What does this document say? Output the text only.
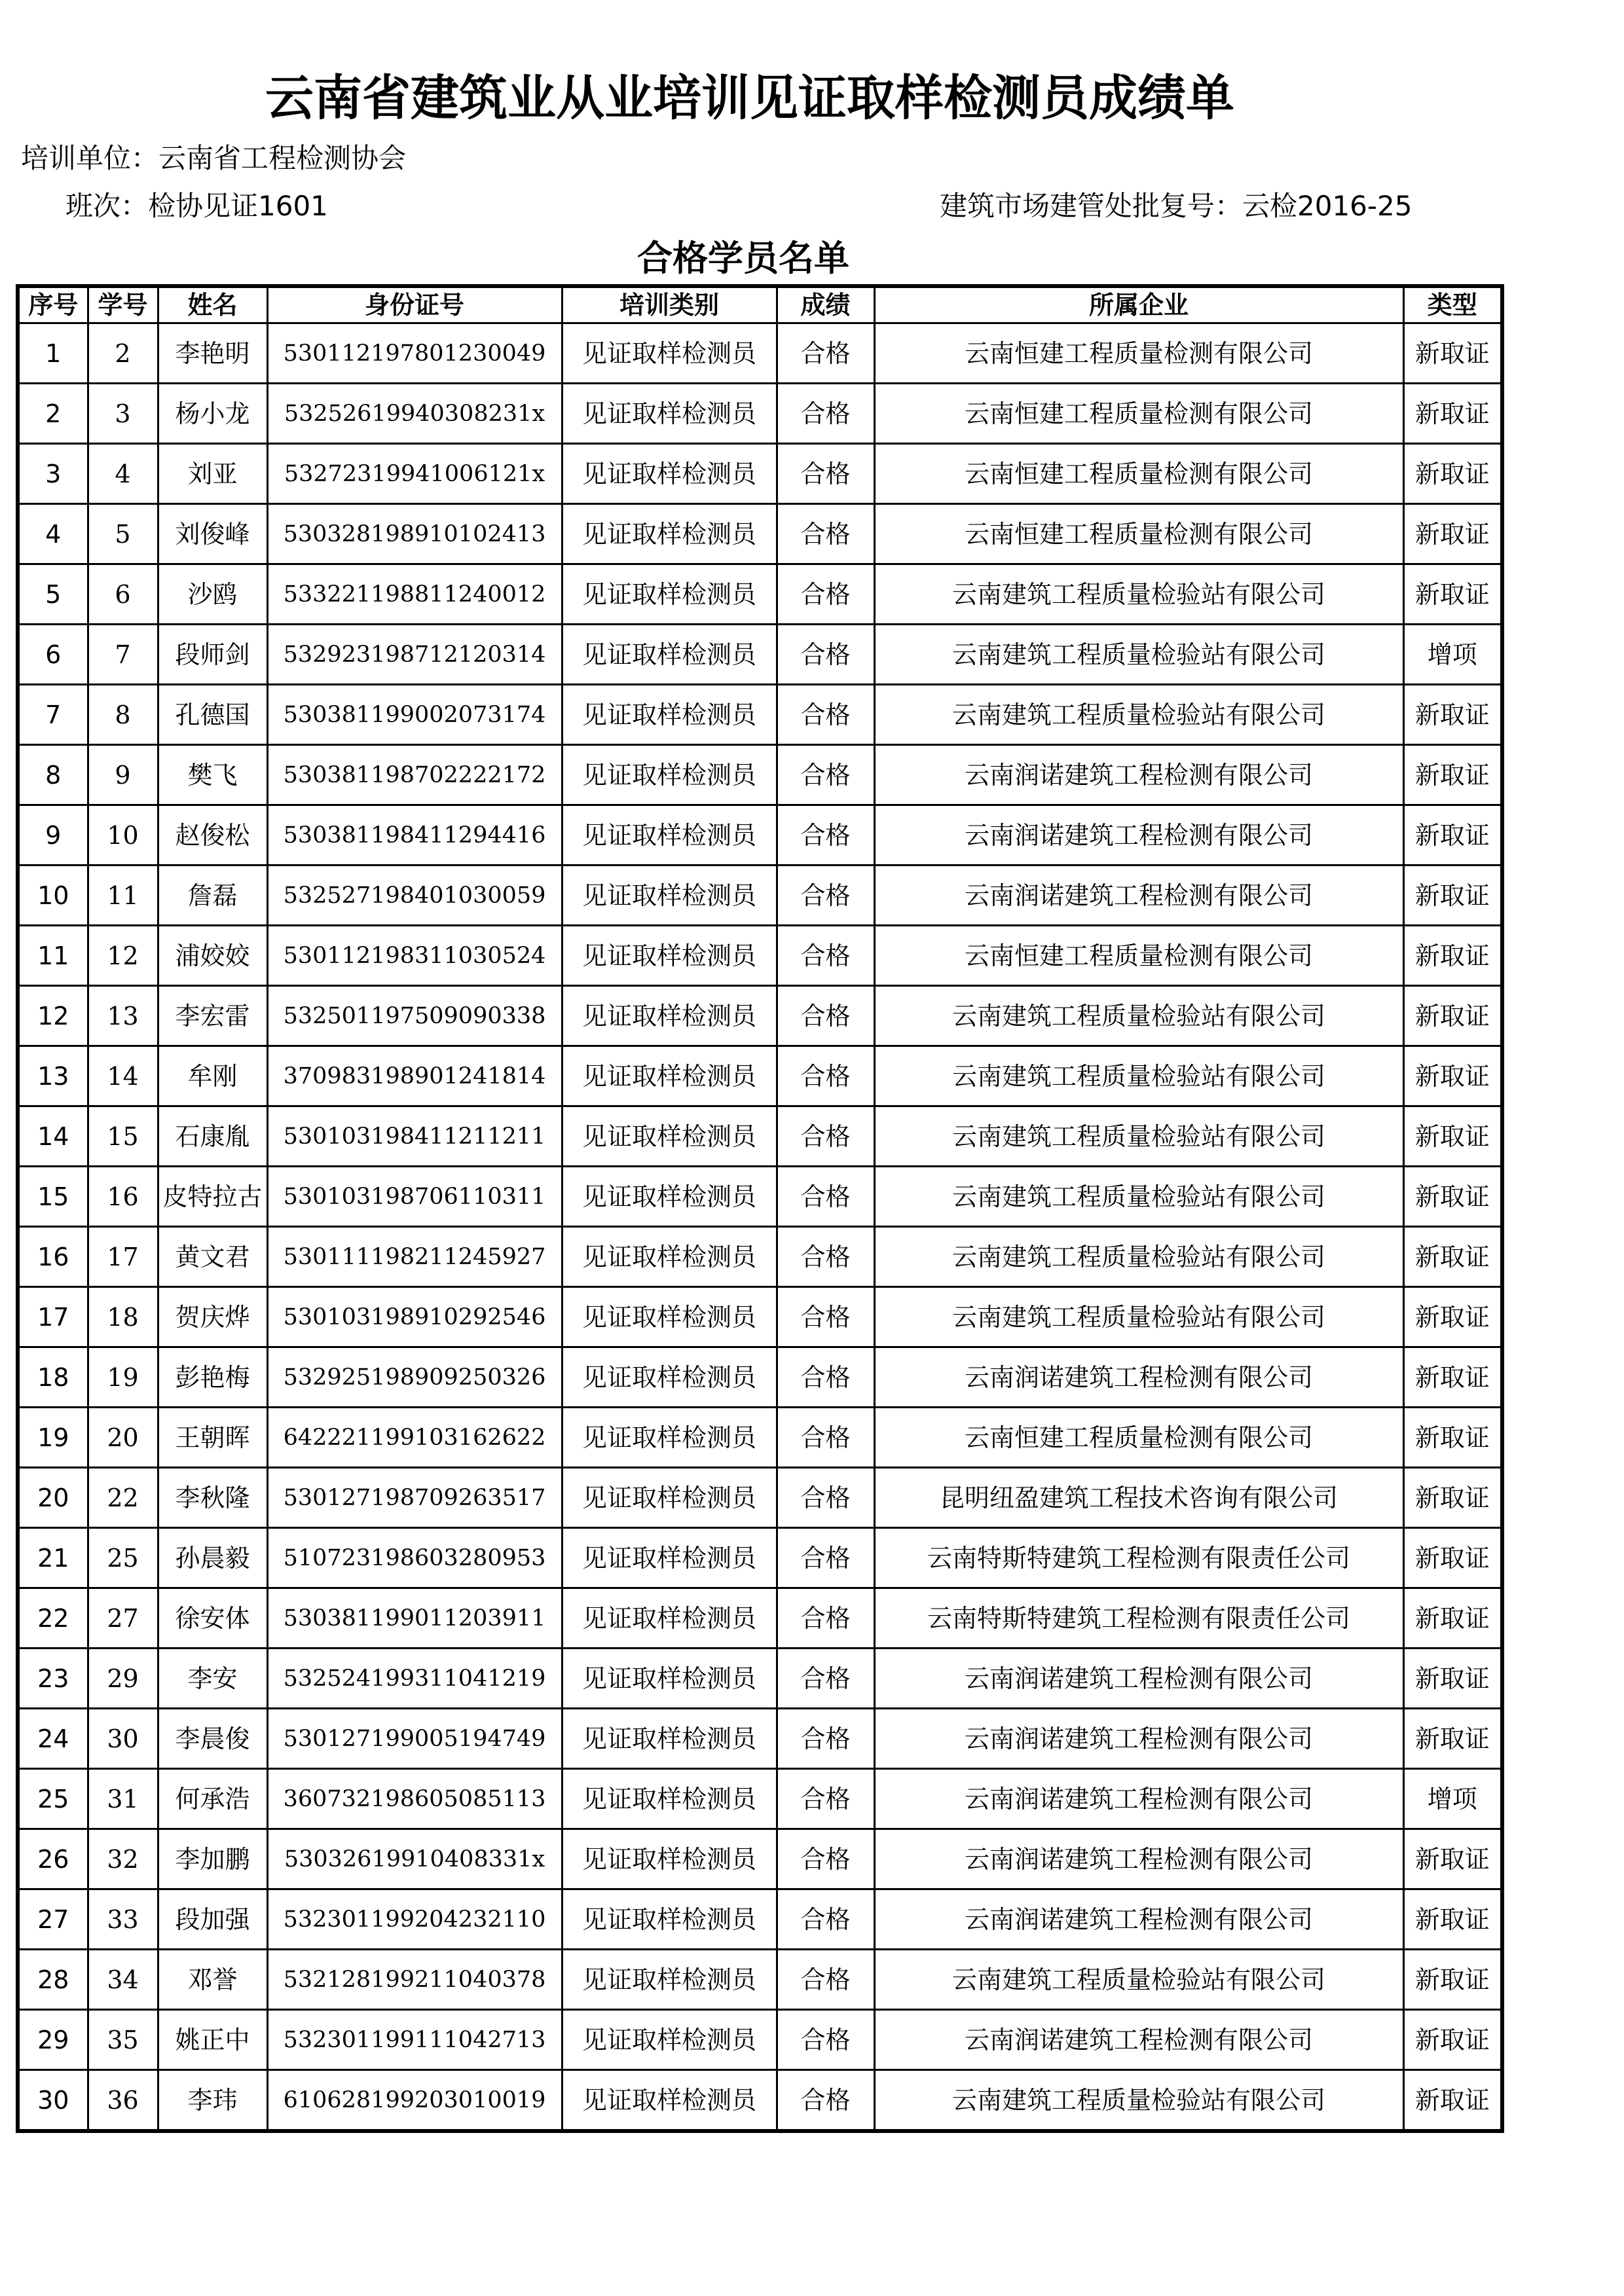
云南省建筑业从业培训见证取样检测员成绩单
培训单位：云南省工程检测协会
班次：检协见证1601	建筑市场建管处批复号：云检2016-25
合格学员名单
序号	学号	姓名	身份证号	培训类别	成绩	所属企业	类型
1	2	李艳明	530112197801230049	见证取样检测员	合格	云南恒建工程质量检测有限公司	新取证
2	3	杨小龙	53252619940308231x	见证取样检测员	合格	云南恒建工程质量检测有限公司	新取证
3	4	刘亚	53272319941006121x	见证取样检测员	合格	云南恒建工程质量检测有限公司	新取证
4	5	刘俊峰	530328198910102413	见证取样检测员	合格	云南恒建工程质量检测有限公司	新取证
5	6	沙鸥	533221198811240012	见证取样检测员	合格	云南建筑工程质量检验站有限公司	新取证
6	7	段师剑	532923198712120314	见证取样检测员	合格	云南建筑工程质量检验站有限公司	增项
7	8	孔德国	530381199002073174	见证取样检测员	合格	云南建筑工程质量检验站有限公司	新取证
8	9	樊飞	530381198702222172	见证取样检测员	合格	云南润诺建筑工程检测有限公司	新取证
9	10	赵俊松	530381198411294416	见证取样检测员	合格	云南润诺建筑工程检测有限公司	新取证
10	11	詹磊	532527198401030059	见证取样检测员	合格	云南润诺建筑工程检测有限公司	新取证
11	12	浦姣姣	530112198311030524	见证取样检测员	合格	云南恒建工程质量检测有限公司	新取证
12	13	李宏雷	532501197509090338	见证取样检测员	合格	云南建筑工程质量检验站有限公司	新取证
13	14	牟刚	370983198901241814	见证取样检测员	合格	云南建筑工程质量检验站有限公司	新取证
14	15	石康胤	530103198411211211	见证取样检测员	合格	云南建筑工程质量检验站有限公司	新取证
15	16	皮特拉古	530103198706110311	见证取样检测员	合格	云南建筑工程质量检验站有限公司	新取证
16	17	黄文君	530111198211245927	见证取样检测员	合格	云南建筑工程质量检验站有限公司	新取证
17	18	贺庆烨	530103198910292546	见证取样检测员	合格	云南建筑工程质量检验站有限公司	新取证
18	19	彭艳梅	532925198909250326	见证取样检测员	合格	云南润诺建筑工程检测有限公司	新取证
19	20	王朝晖	642221199103162622	见证取样检测员	合格	云南恒建工程质量检测有限公司	新取证
20	22	李秋隆	530127198709263517	见证取样检测员	合格	昆明纽盈建筑工程技术咨询有限公司	新取证
21	25	孙晨毅	510723198603280953	见证取样检测员	合格	云南特斯特建筑工程检测有限责任公司	新取证
22	27	徐安体	530381199011203911	见证取样检测员	合格	云南特斯特建筑工程检测有限责任公司	新取证
23	29	李安	532524199311041219	见证取样检测员	合格	云南润诺建筑工程检测有限公司	新取证
24	30	李晨俊	530127199005194749	见证取样检测员	合格	云南润诺建筑工程检测有限公司	新取证
25	31	何承浩	360732198605085113	见证取样检测员	合格	云南润诺建筑工程检测有限公司	增项
26	32	李加鹏	53032619910408331x	见证取样检测员	合格	云南润诺建筑工程检测有限公司	新取证
27	33	段加强	532301199204232110	见证取样检测员	合格	云南润诺建筑工程检测有限公司	新取证
28	34	邓誉	532128199211040378	见证取样检测员	合格	云南建筑工程质量检验站有限公司	新取证
29	35	姚正中	532301199111042713	见证取样检测员	合格	云南润诺建筑工程检测有限公司	新取证
30	36	李玮	610628199203010019	见证取样检测员	合格	云南建筑工程质量检验站有限公司	新取证
